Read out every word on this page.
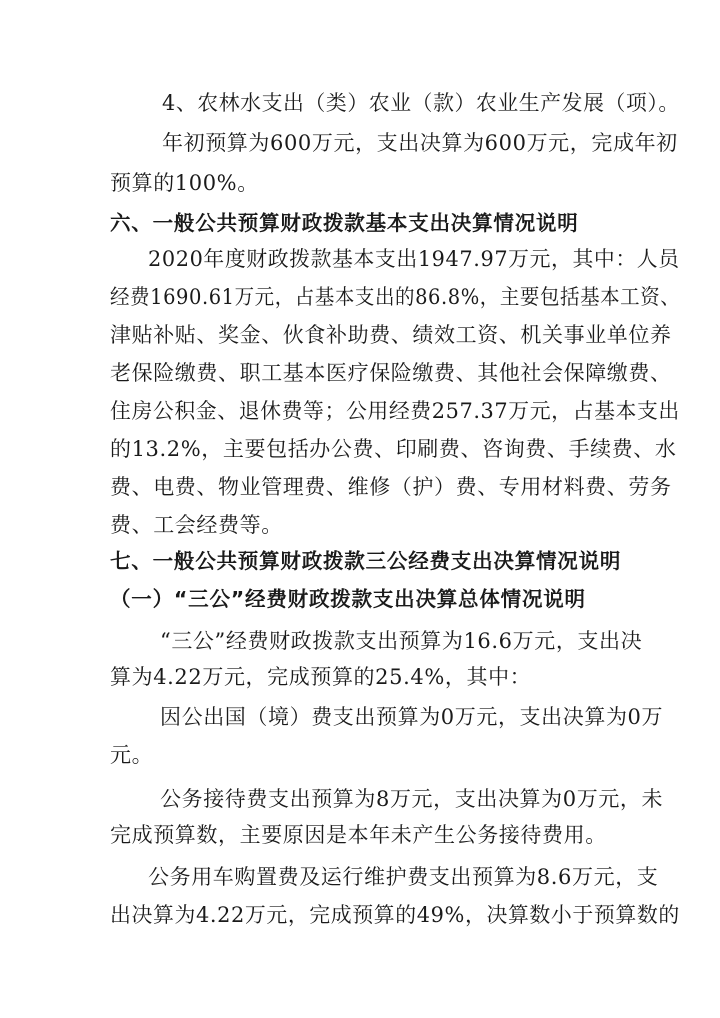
4、农林水支出（类）农业（款）农业生产发展（项）。
年初预算为600万元，支出决算为600万元，完成年初
预算的100%。
六、一般公共预算财政拨款基本支出决算情况说明
2020年度财政拨款基本支出1947.97万元，其中：人员
经费1690.61万元，占基本支出的86.8%，主要包括基本工资、
津贴补贴、奖金、伙食补助费、绩效工资、机关事业单位养
老保险缴费、职工基本医疗保险缴费、其他社会保障缴费、
住房公积金、退休费等；公用经费257.37万元，占基本支出
的13.2%，主要包括办公费、印刷费、咨询费、手续费、水
费、电费、物业管理费、维修（护）费、专用材料费、劳务
费、工会经费等。
七、一般公共预算财政拨款三公经费支出决算情况说明
（一）“三公”经费财政拨款支出决算总体情况说明
“三公”经费财政拨款支出预算为16.6万元，支出决
算为4.22万元，完成预算的25.4%，其中：
因公出国（境）费支出预算为0万元，支出决算为0万
元。
公务接待费支出预算为8万元，支出决算为0万元，未
完成预算数，主要原因是本年未产生公务接待费用。
公务用车购置费及运行维护费支出预算为8.6万元，支
出决算为4.22万元，完成预算的49%，决算数小于预算数的
